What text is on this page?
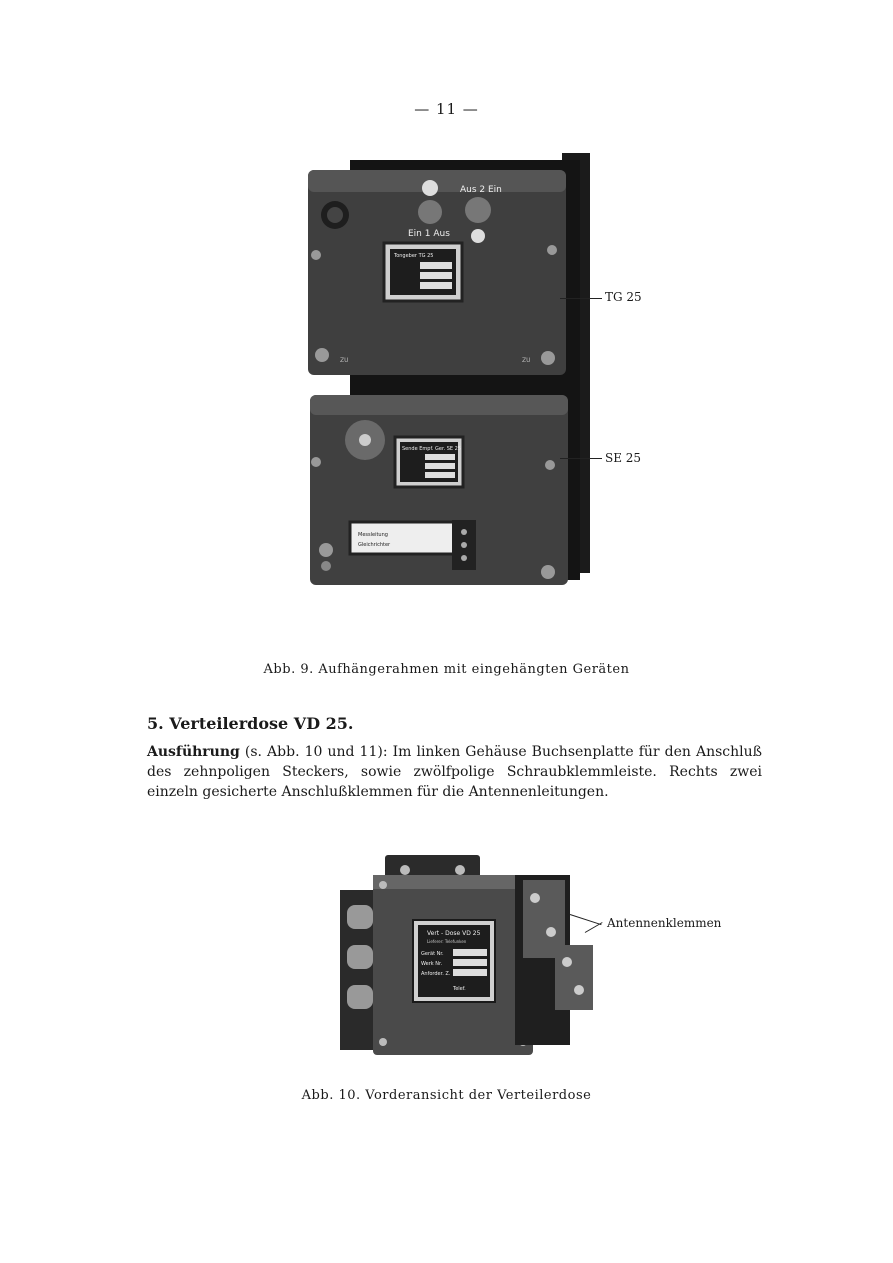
— 11 —
Ein 1 Aus
Aus 2 Ein
Tongeber TG 25
ZU	ZU
Sende Empf. Ger. SE 25
Messleitung
Gleichrichter
TG 25
SE 25
Abb. 9. Aufhängerahmen mit eingehängten Geräten
5. Verteilerdose VD 25.
Ausführung (s. Abb. 10 und 11): Im linken Gehäuse Buchsenplatte für den Anschluß des zehnpoligen Steckers, sowie zwölfpolige Schraubklemmleiste. Rechts zwei einzeln gesicherte Anschlußklemmen für die Antennenleitungen.
Vert - Dose VD 25
Lieferer: Telefunken
Gerät Nr.
Werk Nr.
Anforder. Z.
Telef.
Antennenklemmen
Abb. 10. Vorderansicht der Verteilerdose
